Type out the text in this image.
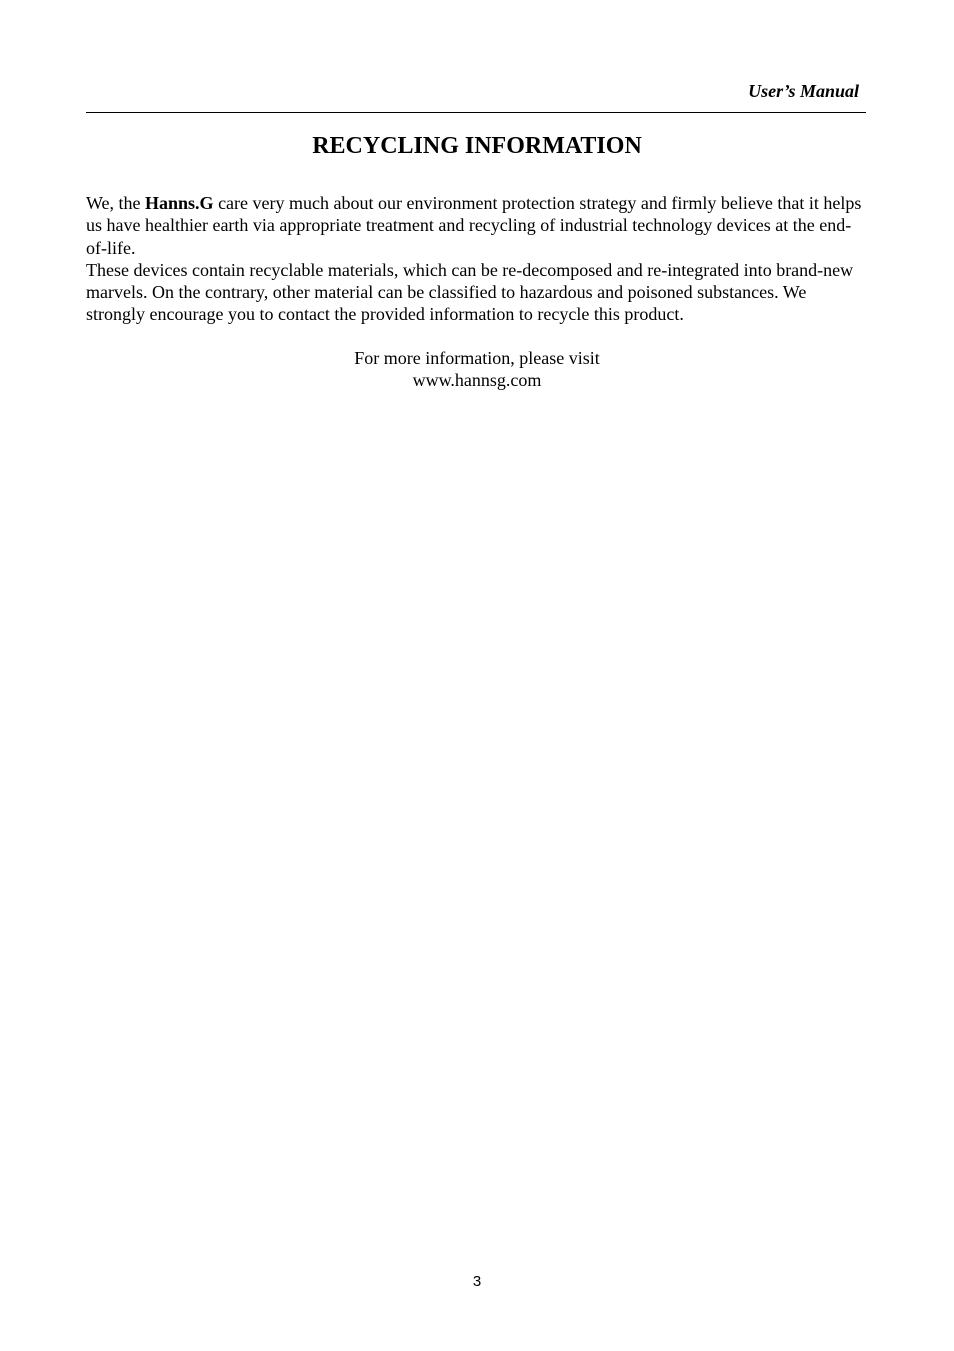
User’s Manual
RECYCLING INFORMATION

We, the Hanns.G care very much about our environment protection strategy and firmly believe that it helps us have healthier earth via appropriate treatment and recycling of industrial technology devices at the end-of-life.

These devices contain recyclable materials, which can be re-decomposed and re-integrated into brand-new marvels. On the contrary, other material can be classified to hazardous and poisoned substances. We strongly encourage you to contact the provided information to recycle this product.

For more information, please visit
www.hannsg.com
3
